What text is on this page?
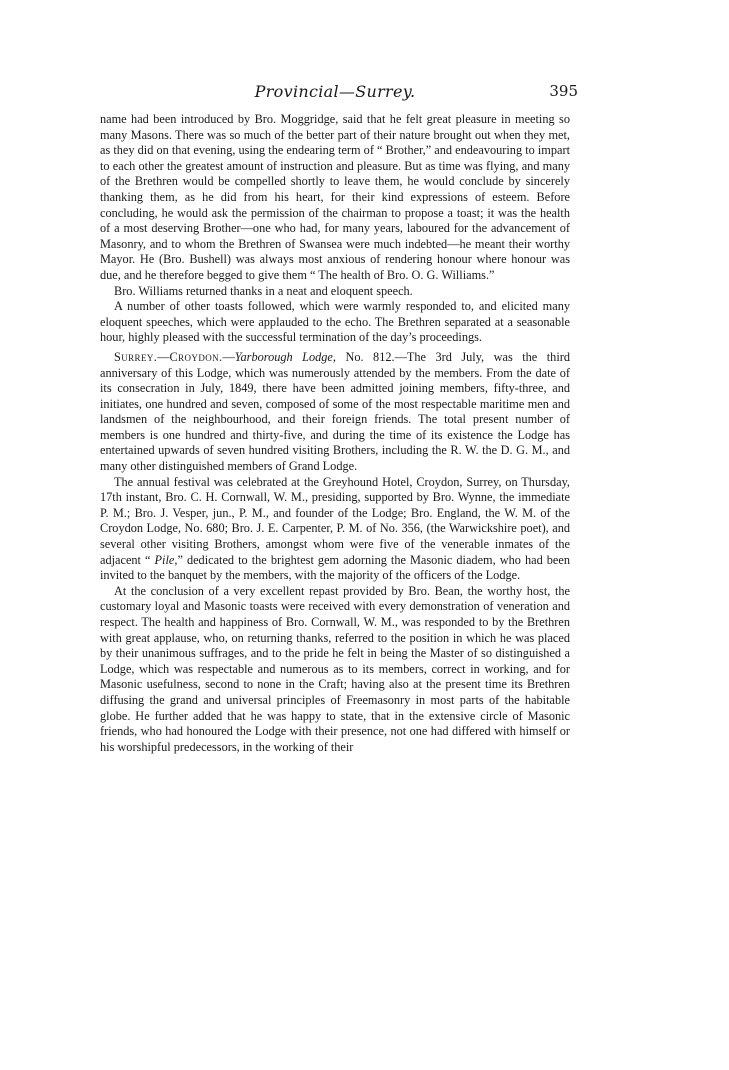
Provincial—Surrey.	395

name had been introduced by Bro. Moggridge, said that he felt great pleasure in meeting so many Masons. There was so much of the better part of their nature brought out when they met, as they did on that evening, using the endearing term of “ Brother,” and endeavouring to impart to each other the greatest amount of instruction and pleasure. But as time was flying, and many of the Brethren would be compelled shortly to leave them, he would conclude by sincerely thanking them, as he did from his heart, for their kind expressions of esteem. Before concluding, he would ask the permission of the chairman to propose a toast; it was the health of a most deserving Brother—one who had, for many years, laboured for the advancement of Masonry, and to whom the Brethren of Swansea were much indebted—he meant their worthy Mayor. He (Bro. Bushell) was always most anxious of rendering honour where honour was due, and he therefore begged to give them “ The health of Bro. O. G. Williams.”

Bro. Williams returned thanks in a neat and eloquent speech.

A number of other toasts followed, which were warmly responded to, and elicited many eloquent speeches, which were applauded to the echo. The Brethren separated at a seasonable hour, highly pleased with the successful termination of the day’s proceedings.

Surrey.—Croydon.—Yarborough Lodge, No. 812.—The 3rd July, was the third anniversary of this Lodge, which was numerously attended by the members. From the date of its consecration in July, 1849, there have been admitted joining members, fifty-three, and initiates, one hundred and seven, composed of some of the most respectable maritime men and landsmen of the neighbourhood, and their foreign friends. The total present number of members is one hundred and thirty-five, and during the time of its existence the Lodge has entertained upwards of seven hundred visiting Brothers, including the R. W. the D. G. M., and many other distinguished members of Grand Lodge.

The annual festival was celebrated at the Greyhound Hotel, Croydon, Surrey, on Thursday, 17th instant, Bro. C. H. Cornwall, W. M., presiding, supported by Bro. Wynne, the immediate P. M.; Bro. J. Vesper, jun., P. M., and founder of the Lodge; Bro. England, the W. M. of the Croydon Lodge, No. 680; Bro. J. E. Carpenter, P. M. of No. 356, (the Warwickshire poet), and several other visiting Brothers, amongst whom were five of the venerable inmates of the adjacent “ Pile,” dedicated to the brightest gem adorning the Masonic diadem, who had been invited to the banquet by the members, with the majority of the officers of the Lodge.

At the conclusion of a very excellent repast provided by Bro. Bean, the worthy host, the customary loyal and Masonic toasts were received with every demonstration of veneration and respect. The health and happiness of Bro. Cornwall, W. M., was responded to by the Brethren with great applause, who, on returning thanks, referred to the position in which he was placed by their unanimous suffrages, and to the pride he felt in being the Master of so distinguished a Lodge, which was respectable and numerous as to its members, correct in working, and for Masonic usefulness, second to none in the Craft; having also at the present time its Brethren diffusing the grand and universal principles of Freemasonry in most parts of the habitable globe. He further added that he was happy to state, that in the extensive circle of Masonic friends, who had honoured the Lodge with their presence, not one had differed with himself or his worshipful predecessors, in the working of their
